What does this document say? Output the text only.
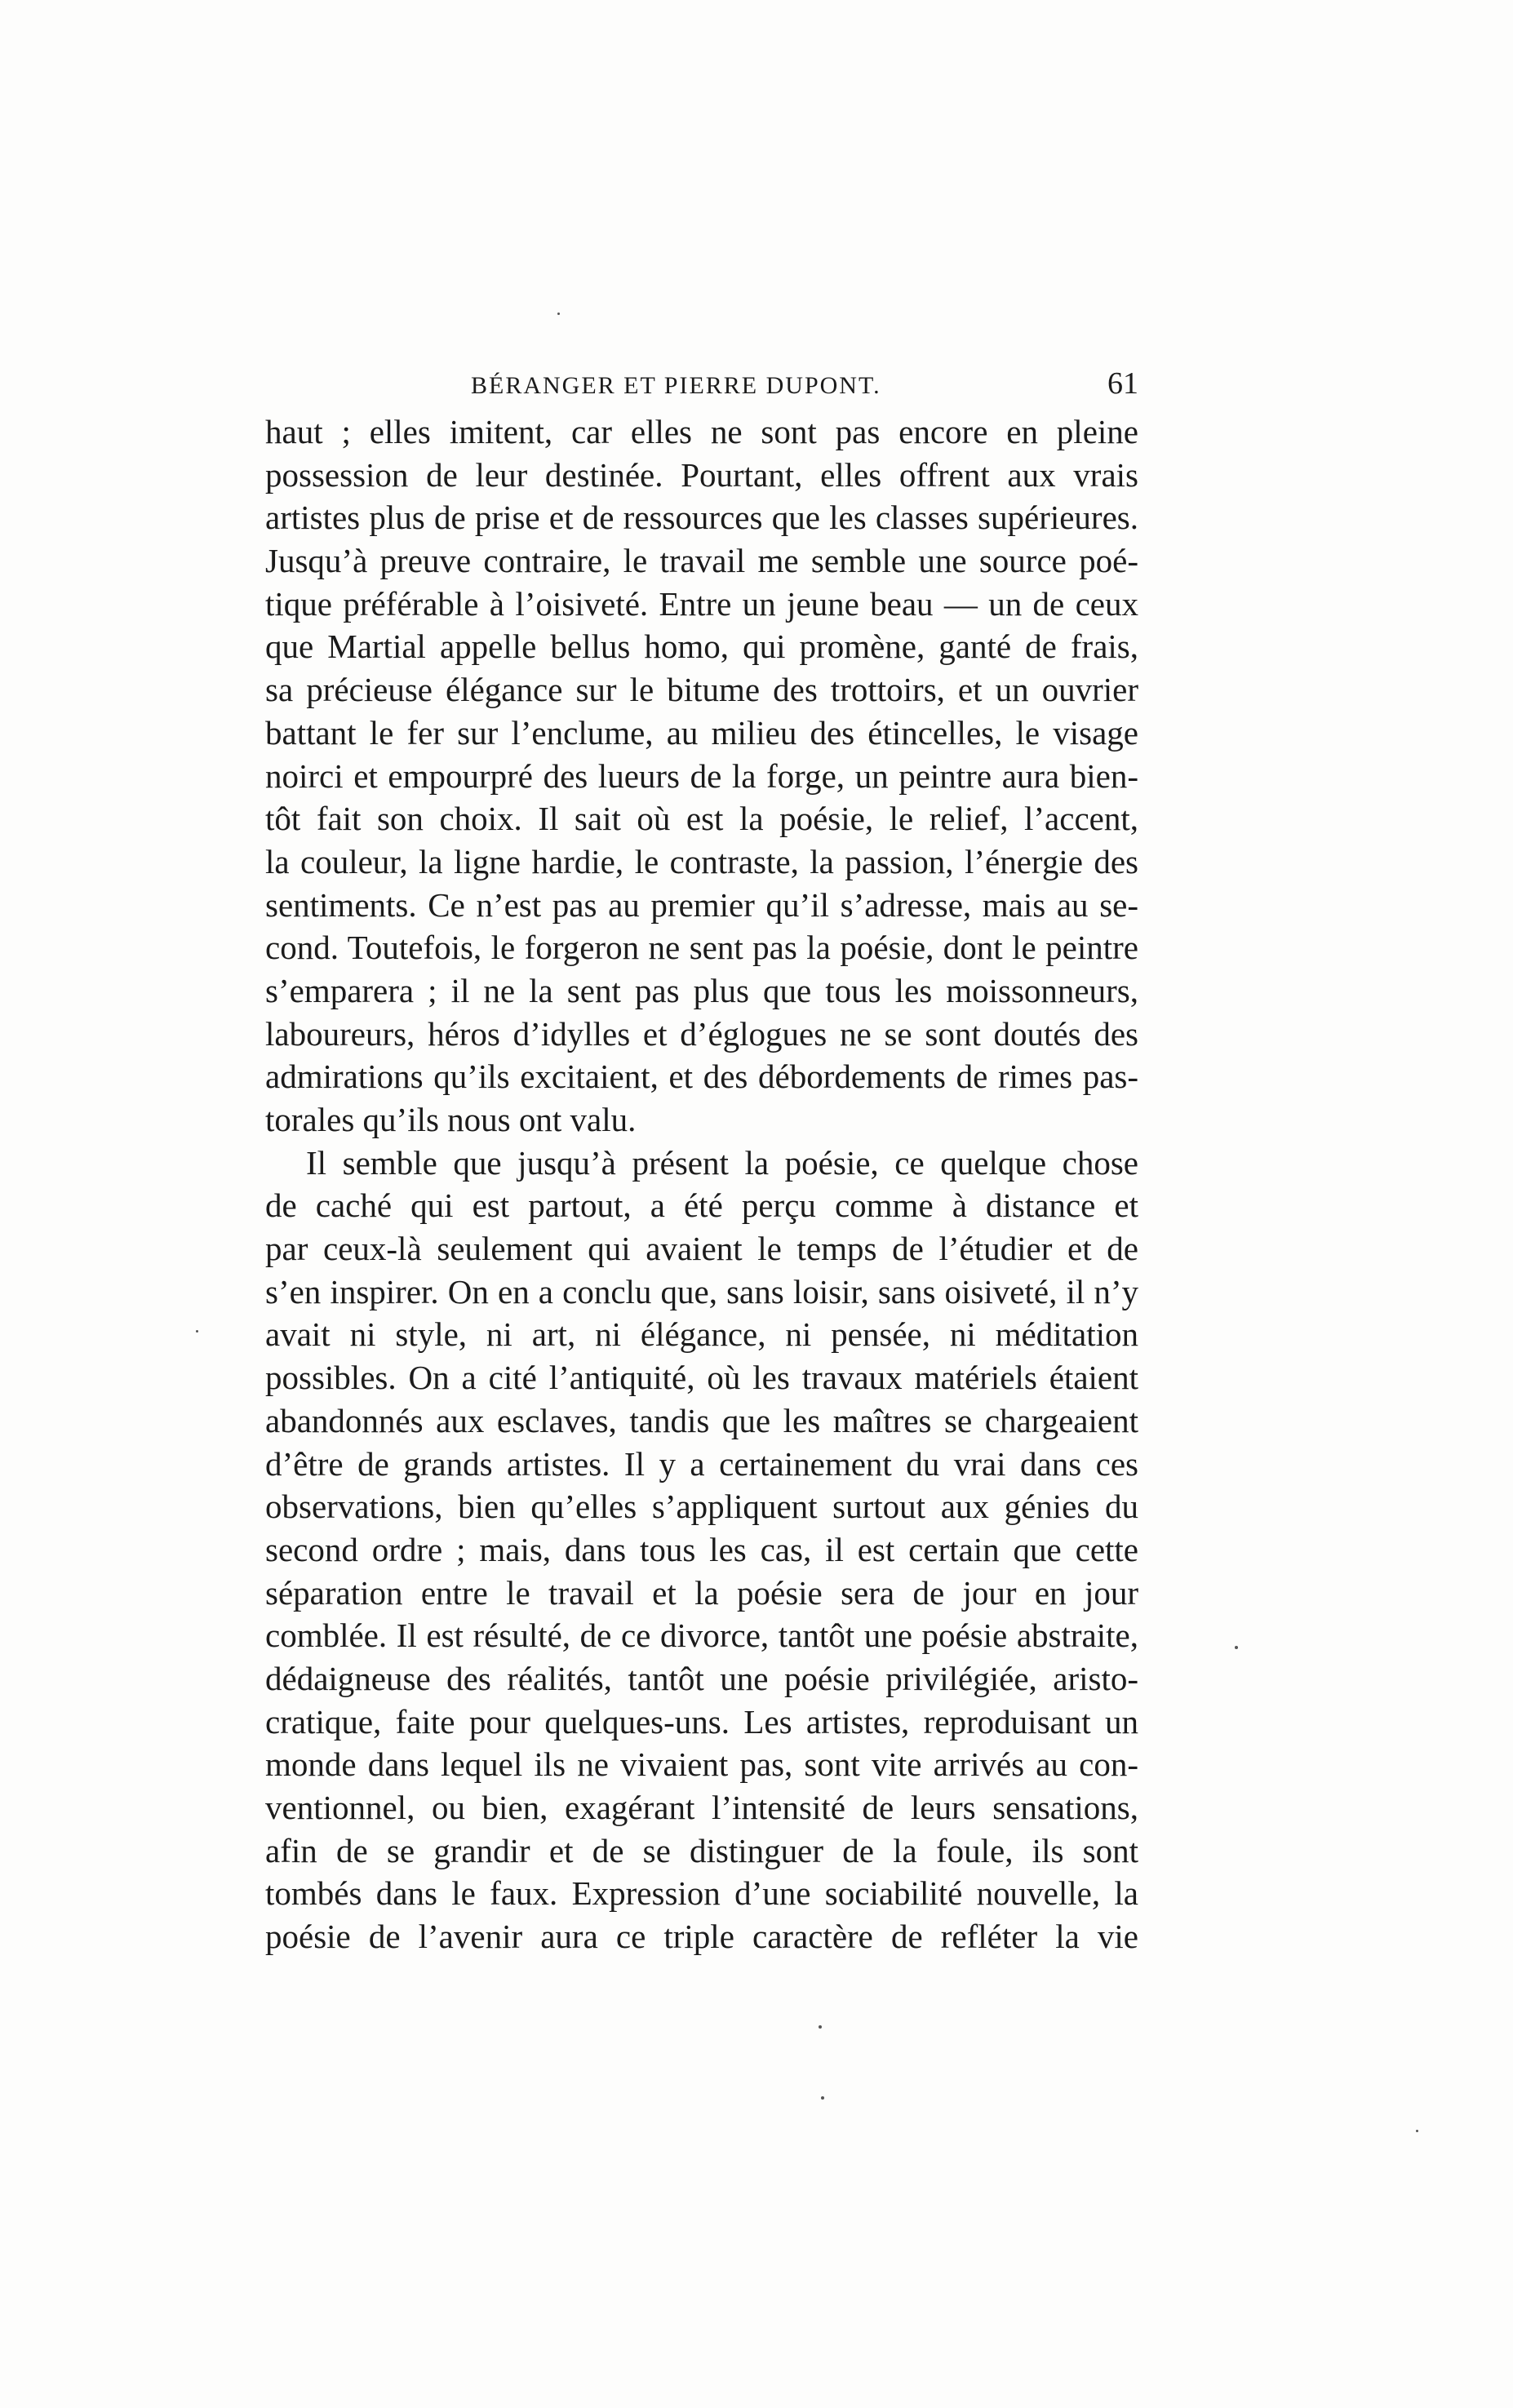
BÉRANGER ET PIERRE DUPONT.	61
haut ; elles imitent, car elles ne sont pas encore en pleine
possession de leur destinée. Pourtant, elles offrent aux vrais
artistes plus de prise et de ressources que les classes supérieures.
Jusqu’à preuve contraire, le travail me semble une source poé-
tique préférable à l’oisiveté. Entre un jeune beau — un de ceux
que Martial appelle bellus homo, qui promène, ganté de frais,
sa précieuse élégance sur le bitume des trottoirs, et un ouvrier
battant le fer sur l’enclume, au milieu des étincelles, le visage
noirci et empourpré des lueurs de la forge, un peintre aura bien-
tôt fait son choix. Il sait où est la poésie, le relief, l’accent,
la couleur, la ligne hardie, le contraste, la passion, l’énergie des
sentiments. Ce n’est pas au premier qu’il s’adresse, mais au se-
cond. Toutefois, le forgeron ne sent pas la poésie, dont le peintre
s’emparera ; il ne la sent pas plus que tous les moissonneurs,
laboureurs, héros d’idylles et d’églogues ne se sont doutés des
admirations qu’ils excitaient, et des débordements de rimes pas-
torales qu’ils nous ont valu.
Il semble que jusqu’à présent la poésie, ce quelque chose
de caché qui est partout, a été perçu comme à distance et
par ceux-là seulement qui avaient le temps de l’étudier et de
s’en inspirer. On en a conclu que, sans loisir, sans oisiveté, il n’y
avait ni style, ni art, ni élégance, ni pensée, ni méditation
possibles. On a cité l’antiquité, où les travaux matériels étaient
abandonnés aux esclaves, tandis que les maîtres se chargeaient
d’être de grands artistes. Il y a certainement du vrai dans ces
observations, bien qu’elles s’appliquent surtout aux génies du
second ordre ; mais, dans tous les cas, il est certain que cette
séparation entre le travail et la poésie sera de jour en jour
comblée. Il est résulté, de ce divorce, tantôt une poésie abstraite,
dédaigneuse des réalités, tantôt une poésie privilégiée, aristo-
cratique, faite pour quelques-uns. Les artistes, reproduisant un
monde dans lequel ils ne vivaient pas, sont vite arrivés au con-
ventionnel, ou bien, exagérant l’intensité de leurs sensations,
afin de se grandir et de se distinguer de la foule, ils sont
tombés dans le faux. Expression d’une sociabilité nouvelle, la
poésie de l’avenir aura ce triple caractère de refléter la vie
